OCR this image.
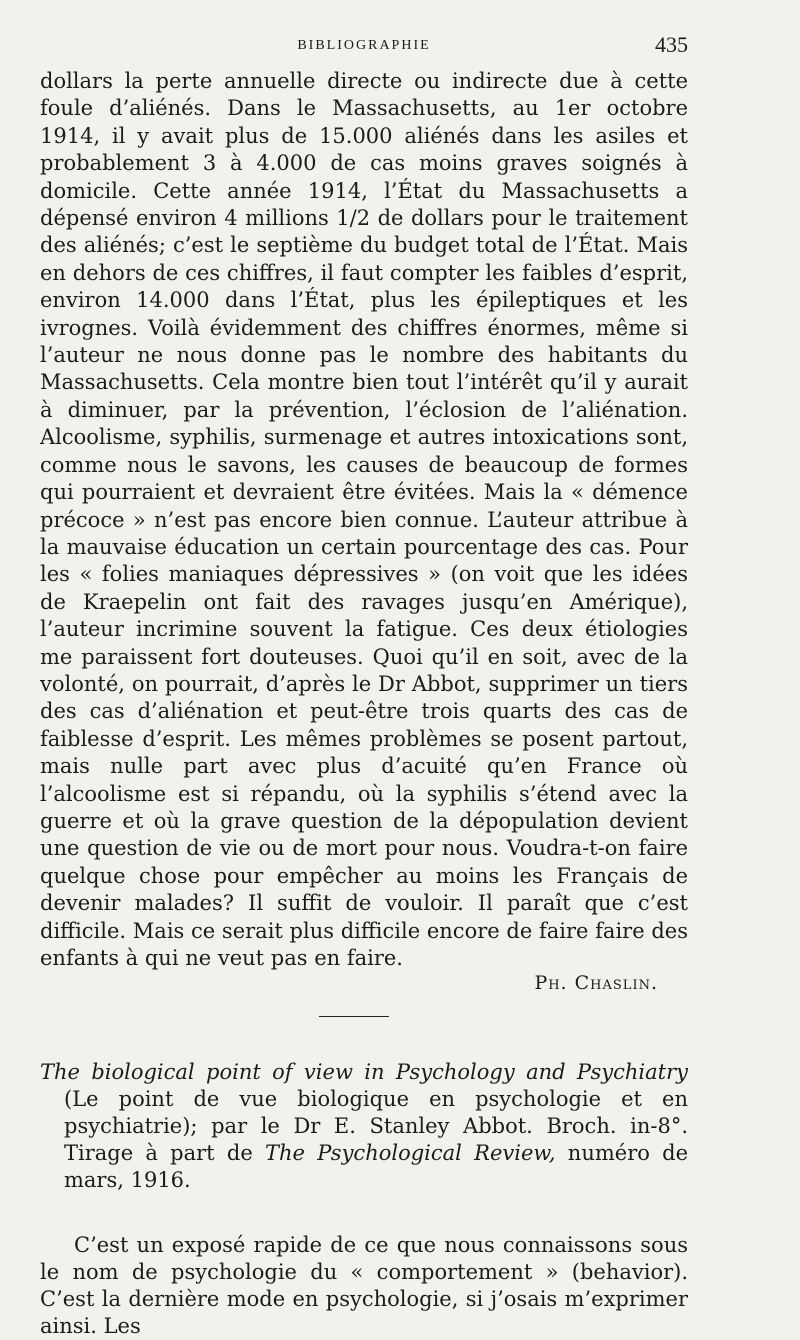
BIBLIOGRAPHIE	435

dollars la perte annuelle directe ou indirecte due à cette foule d’aliénés. Dans le Massachusetts, au 1er octobre 1914, il y avait plus de 15.000 aliénés dans les asiles et probablement 3 à 4.000 de cas moins graves soignés à domicile. Cette année 1914, l’État du Massachusetts a dépensé environ 4 millions 1/2 de dollars pour le traitement des aliénés; c’est le septième du budget total de l’État. Mais en dehors de ces chiffres, il faut compter les faibles d’esprit, environ 14.000 dans l’État, plus les épileptiques et les ivrognes. Voilà évidemment des chiffres énormes, même si l’auteur ne nous donne pas le nombre des habitants du Massachusetts. Cela montre bien tout l’intérêt qu’il y aurait à diminuer, par la prévention, l’éclosion de l’aliénation. Alcoolisme, syphilis, surmenage et autres intoxications sont, comme nous le savons, les causes de beaucoup de formes qui pourraient et devraient être évitées. Mais la « démence précoce » n’est pas encore bien connue. L’auteur attribue à la mauvaise éducation un certain pourcentage des cas. Pour les « folies maniaques dépressives » (on voit que les idées de Kraepelin ont fait des ravages jusqu’en Amérique), l’auteur incrimine souvent la fatigue. Ces deux étiologies me paraissent fort douteuses. Quoi qu’il en soit, avec de la volonté, on pourrait, d’après le Dr Abbot, supprimer un tiers des cas d’aliénation et peut-être trois quarts des cas de faiblesse d’esprit. Les mêmes problèmes se posent partout, mais nulle part avec plus d’acuité qu’en France où l’alcoolisme est si répandu, où la syphilis s’étend avec la guerre et où la grave question de la dépopulation devient une question de vie ou de mort pour nous. Voudra-t-on faire quelque chose pour empêcher au moins les Français de devenir malades? Il suffit de vouloir. Il paraît que c’est difficile. Mais ce serait plus difficile encore de faire faire des enfants à qui ne veut pas en faire.

Ph. Chaslin.
The biological point of view in Psychology and Psychiatry (Le point de vue biologique en psychologie et en psychiatrie); par le Dr E. Stanley Abbot. Broch. in-8°. Tirage à part de The Psychological Review, numéro de mars, 1916.
C’est un exposé rapide de ce que nous connaissons sous le nom de psychologie du « comportement » (behavior). C’est la dernière mode en psychologie, si j’osais m’exprimer ainsi. Les
